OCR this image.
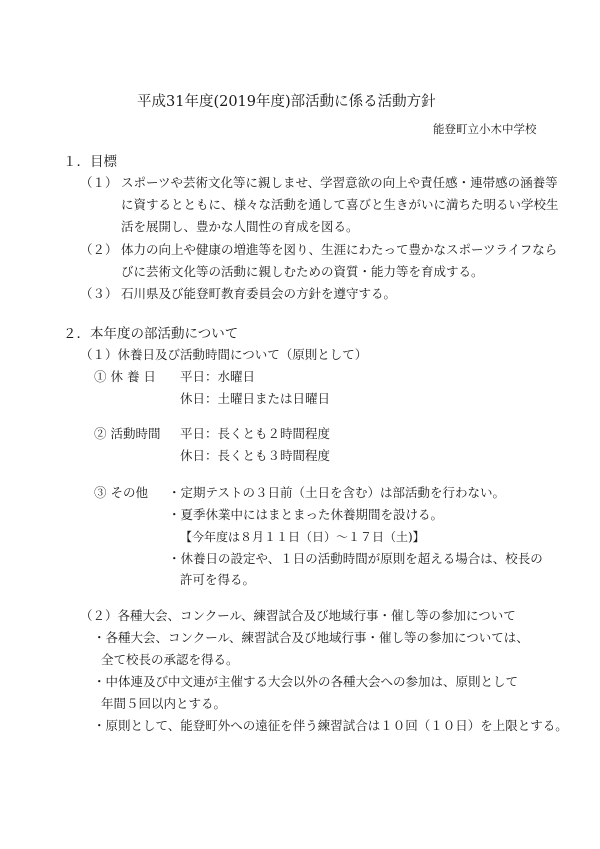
平成31年度(2019年度)部活動に係る活動方針
能登町立小木中学校
１．目標
（１） スポーツや芸術文化等に親しませ、学習意欲の向上や責任感・連帯感の涵養等
に資するとともに、様々な活動を通して喜びと生きがいに満ちた明るい学校生
活を展開し、豊かな人間性の育成を図る。
（２） 体力の向上や健康の増進等を図り、生涯にわたって豊かなスポーツライフなら
びに芸術文化等の活動に親しむための資質・能力等を育成する。
（３） 石川県及び能登町教育委員会の方針を遵守する。
２．本年度の部活動について
（１）休養日及び活動時間について（原則として）
① 休 養 日 平日：水曜日
休日：土曜日または日曜日
② 活動時間 平日：長くとも２時間程度
休日：長くとも３時間程度
③ その他 ・定期テストの３日前（土日を含む）は部活動を行わない。
・夏季休業中にはまとまった休養期間を設ける。
【今年度は８月１１日（日）～１７日（土)】
・休養日の設定や、１日の活動時間が原則を超える場合は、校長の
許可を得る。
（２）各種大会、コンクール、練習試合及び地域行事・催し等の参加について
・各種大会、コンクール、練習試合及び地域行事・催し等の参加については、
全て校長の承認を得る。
・中体連及び中文連が主催する大会以外の各種大会への参加は、原則として
年間５回以内とする。
・原則として、能登町外への遠征を伴う練習試合は１０回（１０日）を上限とする。
